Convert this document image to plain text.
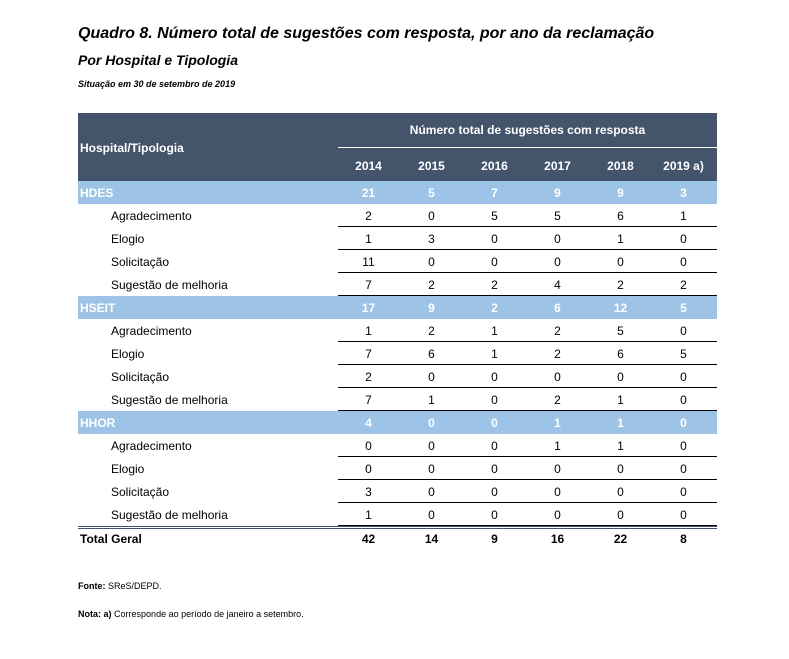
Quadro 8. Número total de sugestões com resposta, por ano da reclamação
Por Hospital e Tipologia
Situação em 30 de setembro de 2019
Hospital/Tipologia
Número total de sugestões com resposta
2014	2015	2016	2017	2018	2019 a)
HDES	21	5	7	9	9	3
Agradecimento	2	0	5	5	6	1
Elogio	1	3	0	0	1	0
Solicitação	11	0	0	0	0	0
Sugestão de melhoria	7	2	2	4	2	2
HSEIT	17	9	2	6	12	5
Agradecimento	1	2	1	2	5	0
Elogio	7	6	1	2	6	5
Solicitação	2	0	0	0	0	0
Sugestão de melhoria	7	1	0	2	1	0
HHOR	4	0	0	1	1	0
Agradecimento	0	0	0	1	1	0
Elogio	0	0	0	0	0	0
Solicitação	3	0	0	0	0	0
Sugestão de melhoria	1	0	0	0	0	0
Total Geral	42	14	9	16	22	8
Fonte: SReS/DEPD.
Nota: a) Corresponde ao período de janeiro a setembro.
